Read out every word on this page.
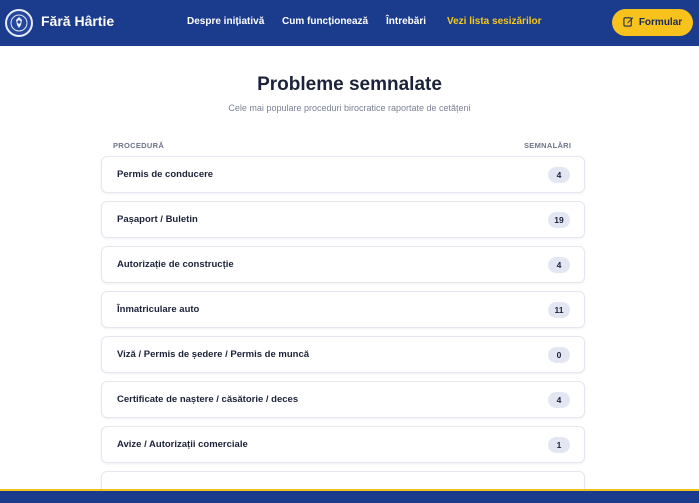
Fără Hârtie	Despre inițiativă Cum funcționează Întrebări Vezi lista sesizărilor	Formular
Probleme semnalate

Cele mai populare proceduri birocratice raportate de cetățeni

PROCEDURĂ	SEMNALĂRI
Permis de conducere	4
Pașaport / Buletin	19
Autorizație de construcție	4
Înmatriculare auto	11
Viză / Permis de ședere / Permis de muncă	0
Certificate de naștere / căsătorie / deces	4
Avize / Autorizații comerciale	1
